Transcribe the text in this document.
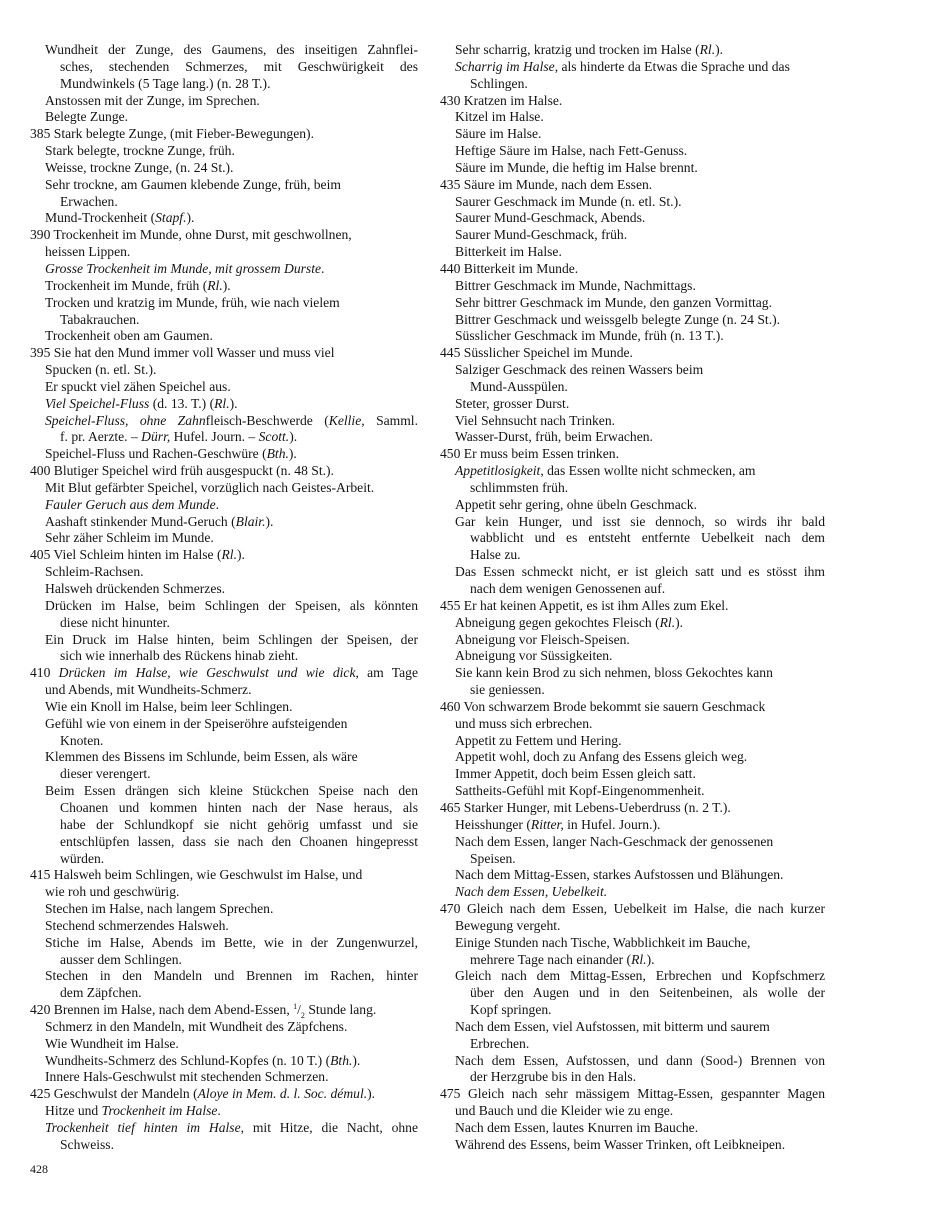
Wundheit der Zunge, des Gaumens, des inseitigen Zahnflei-
sches, stechenden Schmerzes, mit Geschwürigkeit des
Mundwinkels (5 Tage lang.) (n. 28 T.).
Anstossen mit der Zunge, im Sprechen.
Belegte Zunge.
385 Stark belegte Zunge, (mit Fieber-Bewegungen).
Stark belegte, trockne Zunge, früh.
Weisse, trockne Zunge, (n. 24 St.).
Sehr trockne, am Gaumen klebende Zunge, früh, beim
Erwachen.
Mund-Trockenheit (Stapf.).
390 Trockenheit im Munde, ohne Durst, mit geschwollnen,
heissen Lippen.
Grosse Trockenheit im Munde, mit grossem Durste.
Trockenheit im Munde, früh (Rl.).
Trocken und kratzig im Munde, früh, wie nach vielem
Tabakrauchen.
Trockenheit oben am Gaumen.
395 Sie hat den Mund immer voll Wasser und muss viel
Spucken (n. etl. St.).
Er spuckt viel zähen Speichel aus.
Viel Speichel-Fluss (d. 13. T.) (Rl.).
Speichel-Fluss, ohne Zahnfleisch-Beschwerde (Kellie, Samml.
f. pr. Aerzte. – Dürr, Hufel. Journ. – Scott.).
Speichel-Fluss und Rachen-Geschwüre (Bth.).
400 Blutiger Speichel wird früh ausgespuckt (n. 48 St.).
Mit Blut gefärbter Speichel, vorzüglich nach Geistes-Arbeit.
Fauler Geruch aus dem Munde.
Aashaft stinkender Mund-Geruch (Blair.).
Sehr zäher Schleim im Munde.
405 Viel Schleim hinten im Halse (Rl.).
Schleim-Rachsen.
Halsweh drückenden Schmerzes.
Drücken im Halse, beim Schlingen der Speisen, als könnten
diese nicht hinunter.
Ein Druck im Halse hinten, beim Schlingen der Speisen, der
sich wie innerhalb des Rückens hinab zieht.
410 Drücken im Halse, wie Geschwulst und wie dick, am Tage
und Abends, mit Wundheits-Schmerz.
Wie ein Knoll im Halse, beim leer Schlingen.
Gefühl wie von einem in der Speiseröhre aufsteigenden
Knoten.
Klemmen des Bissens im Schlunde, beim Essen, als wäre
dieser verengert.
Beim Essen drängen sich kleine Stückchen Speise nach den
Choanen und kommen hinten nach der Nase heraus, als
habe der Schlundkopf sie nicht gehörig umfasst und sie
entschlüpfen lassen, dass sie nach den Choanen hingepresst
würden.
415 Halsweh beim Schlingen, wie Geschwulst im Halse, und
wie roh und geschwürig.
Stechen im Halse, nach langem Sprechen.
Stechend schmerzendes Halsweh.
Stiche im Halse, Abends im Bette, wie in der Zungenwurzel,
ausser dem Schlingen.
Stechen in den Mandeln und Brennen im Rachen, hinter
dem Zäpfchen.
420 Brennen im Halse, nach dem Abend-Essen, $^1/_2$ Stunde lang.
Schmerz in den Mandeln, mit Wundheit des Zäpfchens.
Wie Wundheit im Halse.
Wundheits-Schmerz des Schlund-Kopfes (n. 10 T.) (Bth.).
Innere Hals-Geschwulst mit stechenden Schmerzen.
425 Geschwulst der Mandeln (Aloye in Mem. d. l. Soc. démul.).
Hitze und Trockenheit im Halse.
Trockenheit tief hinten im Halse, mit Hitze, die Nacht, ohne
Schweiss.
Sehr scharrig, kratzig und trocken im Halse (Rl.).
Scharrig im Halse, als hinderte da Etwas die Sprache und das
Schlingen.
430 Kratzen im Halse.
Kitzel im Halse.
Säure im Halse.
Heftige Säure im Halse, nach Fett-Genuss.
Säure im Munde, die heftig im Halse brennt.
435 Säure im Munde, nach dem Essen.
Saurer Geschmack im Munde (n. etl. St.).
Saurer Mund-Geschmack, Abends.
Saurer Mund-Geschmack, früh.
Bitterkeit im Halse.
440 Bitterkeit im Munde.
Bittrer Geschmack im Munde, Nachmittags.
Sehr bittrer Geschmack im Munde, den ganzen Vormittag.
Bittrer Geschmack und weissgelb belegte Zunge (n. 24 St.).
Süsslicher Geschmack im Munde, früh (n. 13 T.).
445 Süsslicher Speichel im Munde.
Salziger Geschmack des reinen Wassers beim
Mund-Ausspülen.
Steter, grosser Durst.
Viel Sehnsucht nach Trinken.
Wasser-Durst, früh, beim Erwachen.
450 Er muss beim Essen trinken.
Appetitlosigkeit, das Essen wollte nicht schmecken, am
schlimmsten früh.
Appetit sehr gering, ohne übeln Geschmack.
Gar kein Hunger, und isst sie dennoch, so wirds ihr bald
wabblicht und es entsteht entfernte Uebelkeit nach dem
Halse zu.
Das Essen schmeckt nicht, er ist gleich satt und es stösst ihm
nach dem wenigen Genossenen auf.
455 Er hat keinen Appetit, es ist ihm Alles zum Ekel.
Abneigung gegen gekochtes Fleisch (Rl.).
Abneigung vor Fleisch-Speisen.
Abneigung vor Süssigkeiten.
Sie kann kein Brod zu sich nehmen, bloss Gekochtes kann
sie geniessen.
460 Von schwarzem Brode bekommt sie sauern Geschmack
und muss sich erbrechen.
Appetit zu Fettem und Hering.
Appetit wohl, doch zu Anfang des Essens gleich weg.
Immer Appetit, doch beim Essen gleich satt.
Sattheits-Gefühl mit Kopf-Eingenommenheit.
465 Starker Hunger, mit Lebens-Ueberdruss (n. 2 T.).
Heisshunger (Ritter, in Hufel. Journ.).
Nach dem Essen, langer Nach-Geschmack der genossenen
Speisen.
Nach dem Mittag-Essen, starkes Aufstossen und Blähungen.
Nach dem Essen, Uebelkeit.
470 Gleich nach dem Essen, Uebelkeit im Halse, die nach kurzer
Bewegung vergeht.
Einige Stunden nach Tische, Wabblichkeit im Bauche,
mehrere Tage nach einander (Rl.).
Gleich nach dem Mittag-Essen, Erbrechen und Kopfschmerz
über den Augen und in den Seitenbeinen, als wolle der
Kopf springen.
Nach dem Essen, viel Aufstossen, mit bitterm und saurem
Erbrechen.
Nach dem Essen, Aufstossen, und dann (Sood-) Brennen von
der Herzgrube bis in den Hals.
475 Gleich nach sehr mässigem Mittag-Essen, gespannter Magen
und Bauch und die Kleider wie zu enge.
Nach dem Essen, lautes Knurren im Bauche.
Während des Essens, beim Wasser Trinken, oft Leibkneipen.
428
